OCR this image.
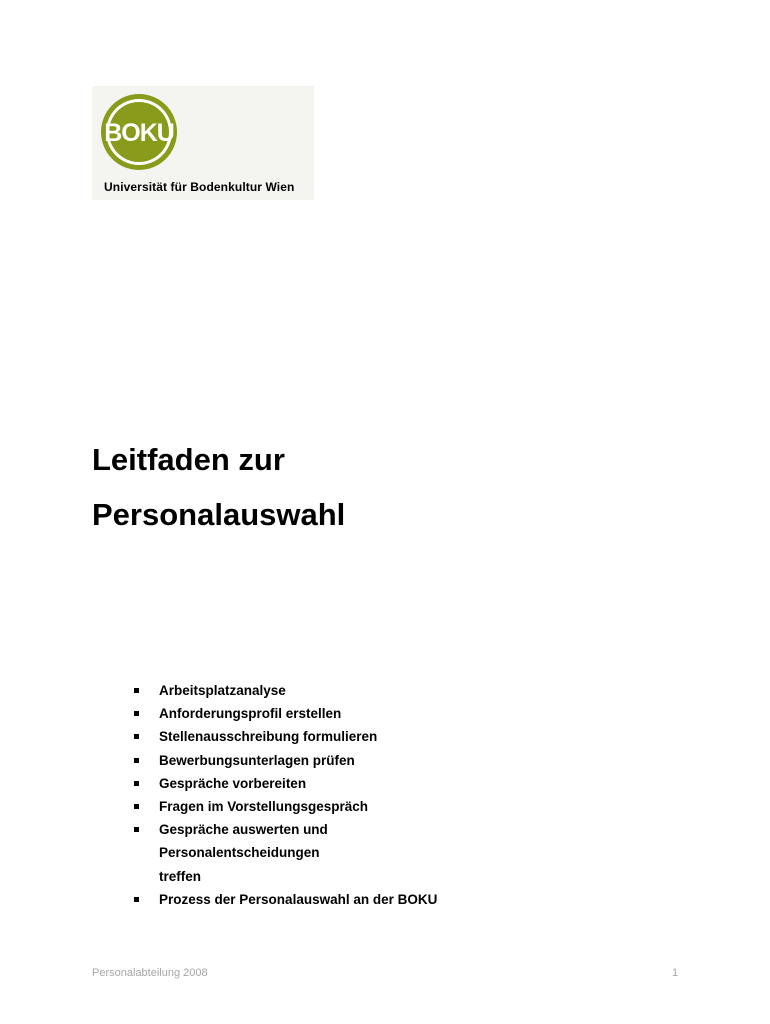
BOKU
Universität für Bodenkultur Wien
Leitfaden zur
Personalauswahl
Arbeitsplatzanalyse
Anforderungsprofil erstellen
Stellenausschreibung formulieren
Bewerbungsunterlagen prüfen
Gespräche vorbereiten
Fragen im Vorstellungsgespräch
Gespräche auswerten und Personalentscheidungen treffen
Prozess der Personalauswahl an der BOKU
Personalabteilung 2008	1
